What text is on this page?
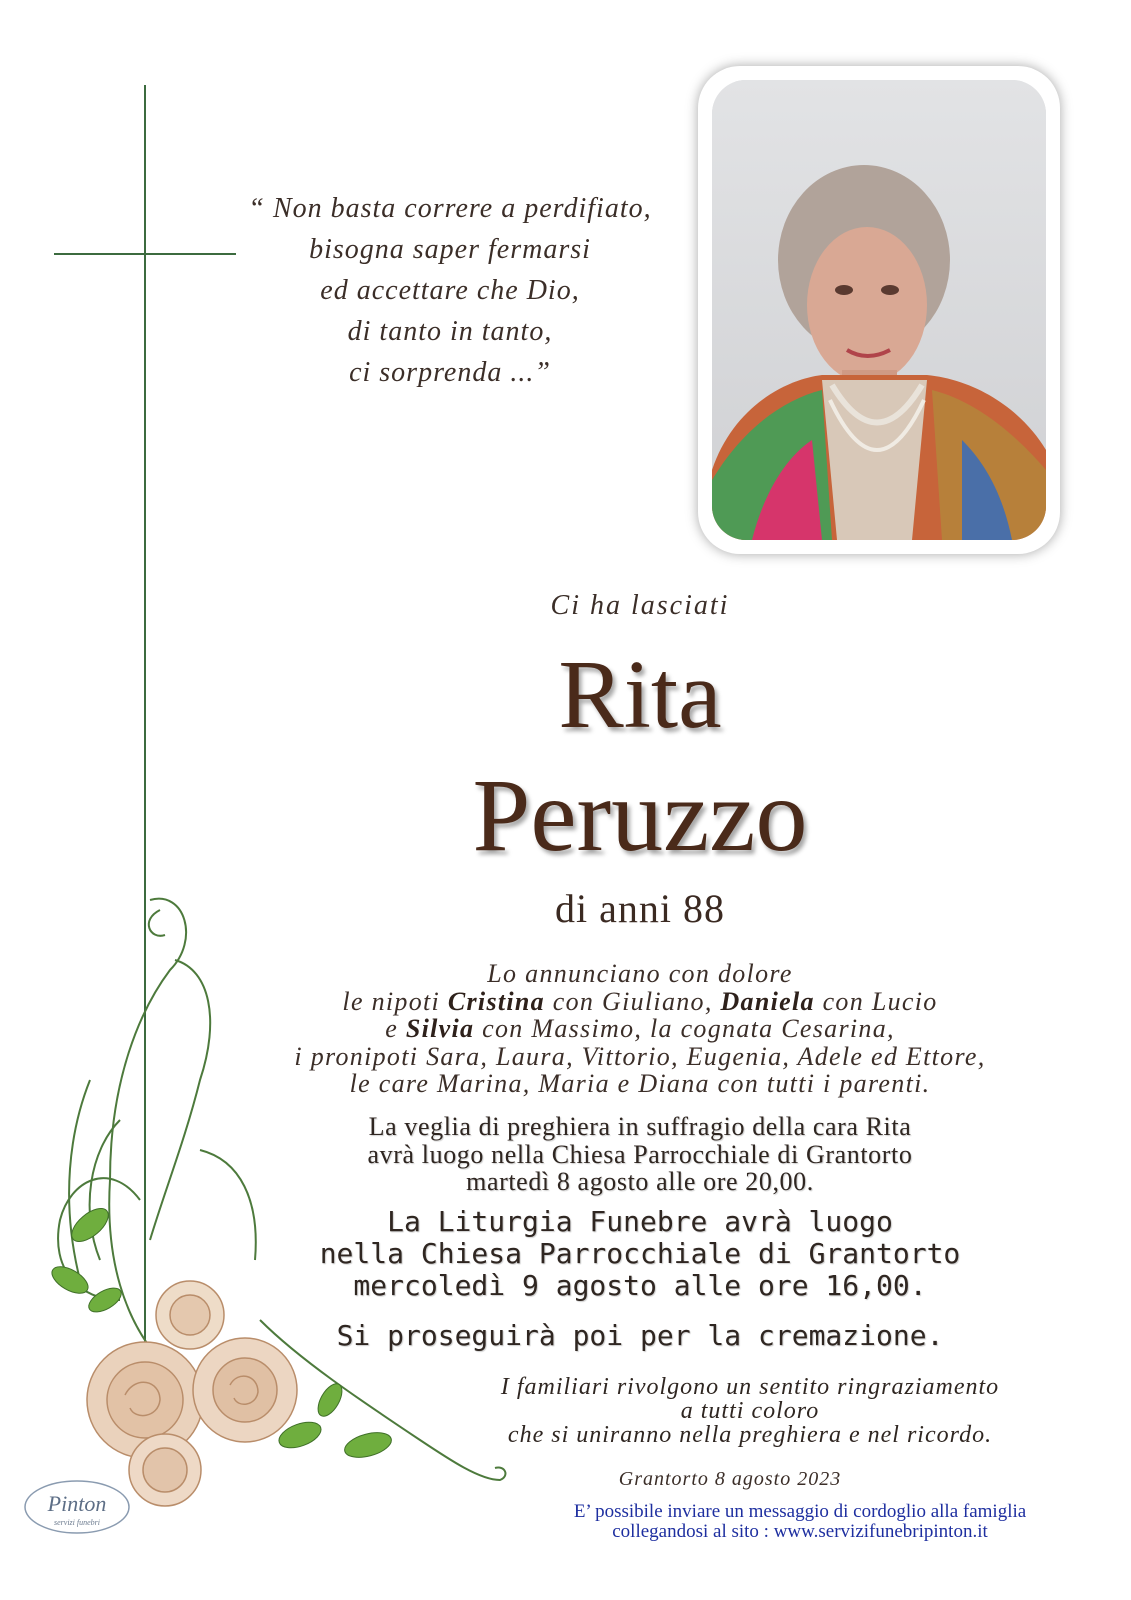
“ Non basta correre a perdifiato,
bisogna saper fermarsi
ed accettare che Dio,
di tanto in tanto,
ci sorprenda ...”
Ci ha lasciati
Rita
Peruzzo
di anni 88
Lo annunciano con dolore
le nipoti Cristina con Giuliano, Daniela con Lucio
e Silvia con Massimo, la cognata Cesarina,
i pronipoti Sara, Laura, Vittorio, Eugenia, Adele ed Ettore,
le care Marina, Maria e Diana con tutti i parenti.
La veglia di preghiera in suffragio della cara Rita
avrà luogo nella Chiesa Parrocchiale di Grantorto
martedì 8 agosto alle ore 20,00.
La Liturgia Funebre avrà luogo
nella Chiesa Parrocchiale di Grantorto
mercoledì 9 agosto alle ore 16,00.
Si proseguirà poi per la cremazione.
I familiari rivolgono un sentito ringraziamento
a tutti coloro
che si uniranno nella preghiera e nel ricordo.
Grantorto 8 agosto 2023
E’ possibile inviare un messaggio di cordoglio alla famiglia
collegandosi al sito : www.servizifunebripinton.it
Pinton
servizi funebri
